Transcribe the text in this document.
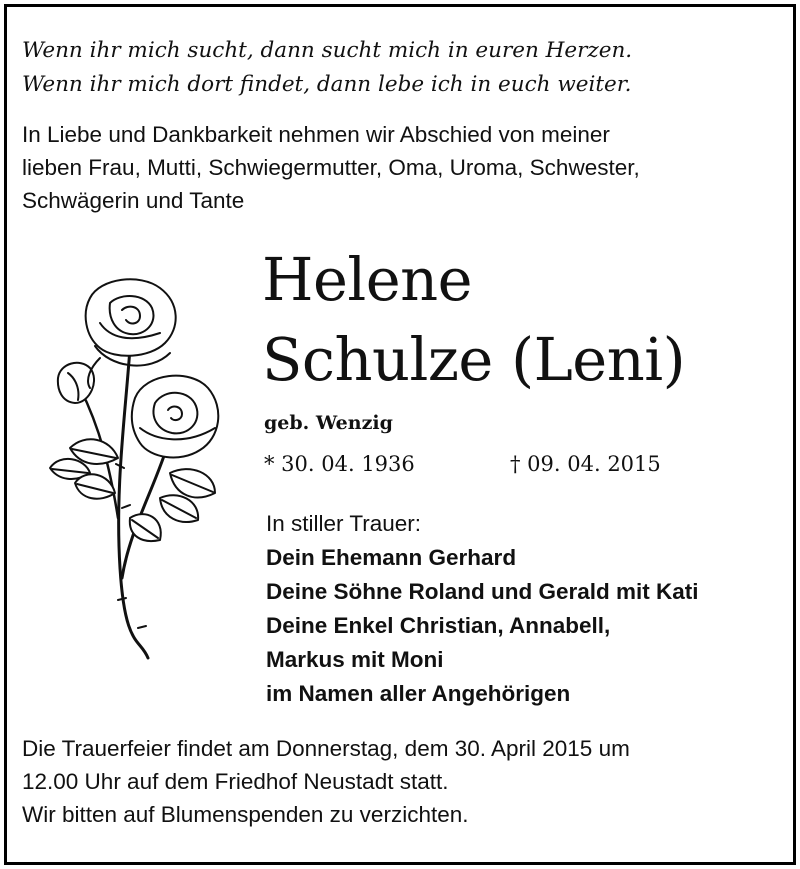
Wenn ihr mich sucht, dann sucht mich in euren Herzen.
Wenn ihr mich dort findet, dann lebe ich in euch weiter.
In Liebe und Dankbarkeit nehmen wir Abschied von meiner
lieben Frau, Mutti, Schwiegermutter, Oma, Uroma, Schwester,
Schwägerin und Tante
Helene
Schulze (Leni)
geb. Wenzig
* 30. 04. 1936	† 09. 04. 2015
In stiller Trauer:
Dein Ehemann Gerhard
Deine Söhne Roland und Gerald mit Kati
Deine Enkel Christian, Annabell,
Markus mit Moni
im Namen aller Angehörigen
Die Trauerfeier findet am Donnerstag, dem 30. April 2015 um
12.00 Uhr auf dem Friedhof Neustadt statt.
Wir bitten auf Blumenspenden zu verzichten.
